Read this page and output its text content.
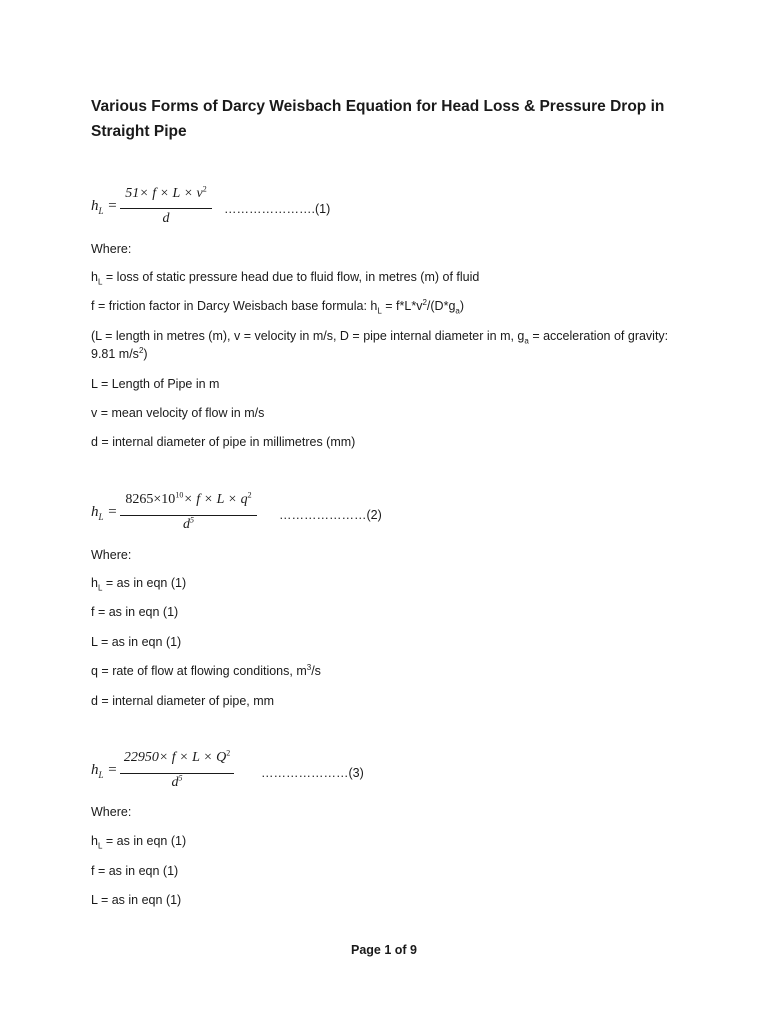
Various Forms of Darcy Weisbach Equation for Head Loss & Pressure Drop in Straight Pipe
$h_L$ =
$51\times f \times L \times v^2$
d
………………….(1)

Where:

$h_L$ = loss of static pressure head due to fluid flow, in metres (m) of fluid

f = friction factor in Darcy Weisbach base formula: $h_L = f*L*v^2/(D*g_a)$

(L = length in metres (m), v = velocity in m/s, D = pipe internal diameter in m, $g_a$ = acceleration of gravity: 9.81 $m/s^2$)

L = Length of Pipe in m

v = mean velocity of flow in m/s

d = internal diameter of pipe in millimetres (mm)

$h_L$ =
$8265\times 10^{10}\times f \times L \times q^2$
$d^5$	…………………(2)

Where:

$h_L$ = as in eqn (1)

f = as in eqn (1)

L = as in eqn (1)

q = rate of flow at flowing conditions, $m^3/s$

d = internal diameter of pipe, mm

$h_L$ =
$22950\times f \times L \times Q^2$
$d^5$	…………………(3)

Where:

$h_L$ = as in eqn (1)

f = as in eqn (1)

L = as in eqn (1)

Page 1 of 9
